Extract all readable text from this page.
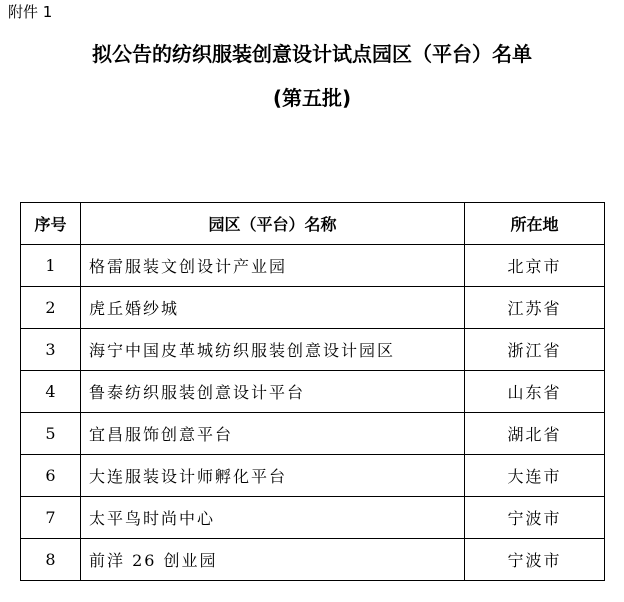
附件 1

拟公告的纺织服装创意设计试点园区（平台）名单
(第五批)
序号	园区（平台）名称	所在地
1	格雷服装文创设计产业园	北京市
2	虎丘婚纱城	江苏省
3	海宁中国皮革城纺织服装创意设计园区	浙江省
4	鲁泰纺织服装创意设计平台	山东省
5	宜昌服饰创意平台	湖北省
6	大连服装设计师孵化平台	大连市
7	太平鸟时尚中心	宁波市
8	前洋 26 创业园	宁波市
